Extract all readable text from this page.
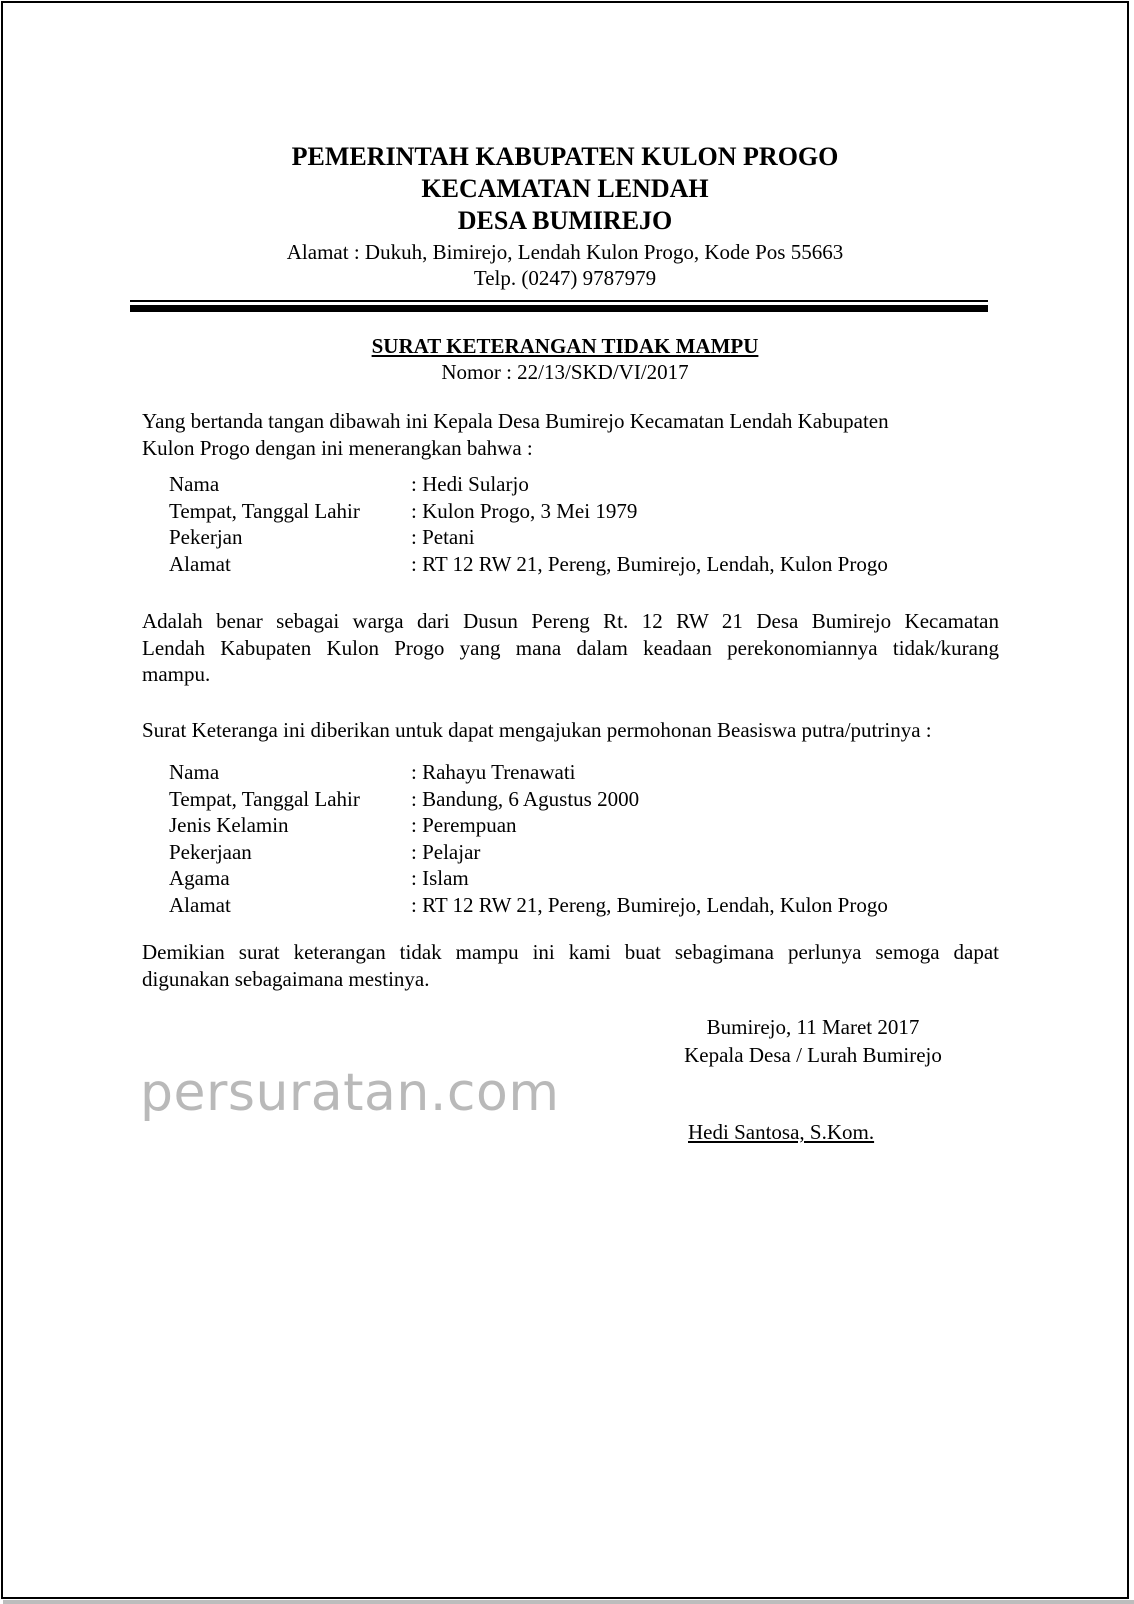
PEMERINTAH KABUPATEN KULON PROGO
KECAMATAN LENDAH
DESA BUMIREJO
Alamat : Dukuh, Bimirejo, Lendah Kulon Progo, Kode Pos 55663
Telp. (0247) 9787979
SURAT KETERANGAN TIDAK MAMPU
Nomor : 22/13/SKD/VI/2017
Yang bertanda tangan dibawah ini Kepala Desa Bumirejo Kecamatan Lendah Kabupaten
Kulon Progo dengan ini menerangkan bahwa :
Nama	: Hedi Sularjo
Tempat, Tanggal Lahir	: Kulon Progo, 3 Mei 1979
Pekerjan	: Petani
Alamat	: RT 12 RW 21, Pereng, Bumirejo, Lendah, Kulon Progo
Adalah benar sebagai warga dari Dusun Pereng Rt. 12 RW 21 Desa Bumirejo Kecamatan
Lendah Kabupaten Kulon Progo yang mana dalam keadaan perekonomiannya tidak/kurang
mampu.
Surat Keteranga ini diberikan untuk dapat mengajukan permohonan Beasiswa putra/putrinya :
Nama	: Rahayu Trenawati
Tempat, Tanggal Lahir	: Bandung, 6 Agustus 2000
Jenis Kelamin	: Perempuan
Pekerjaan	: Pelajar
Agama	: Islam
Alamat	: RT 12 RW 21, Pereng, Bumirejo, Lendah, Kulon Progo
Demikian surat keterangan tidak mampu ini kami buat sebagimana perlunya semoga dapat
digunakan sebagaimana mestinya.
Bumirejo, 11 Maret 2017
Kepala Desa / Lurah Bumirejo
Hedi Santosa, S.Kom.
persuratan.com
